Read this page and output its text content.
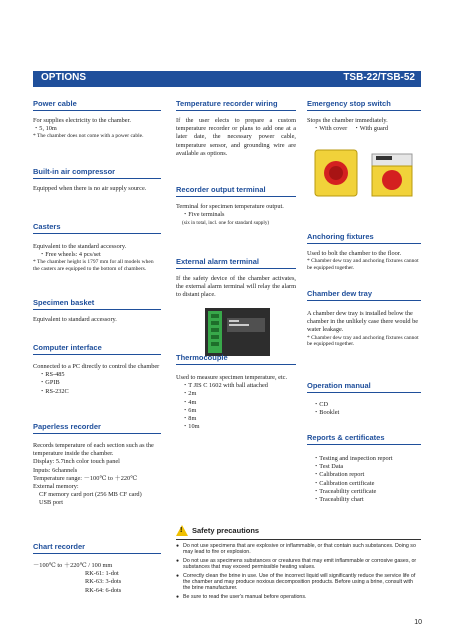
OPTIONS	TSB-22/TSB-52
Power cable
For supplies electricity to the chamber.
・5, 10m
* The chamber does not come with a power cable.
Built-in air compressor
Equipped when there is no air supply source.
Casters
Equivalent to the standard accessory.
・Free wheels: 4 pcs/set
* The chamber height is 1797 mm for all models when the casters are equipped to the bottom of chambers.
Specimen basket
Equivalent to standard accessory.
Computer interface
Connected to a PC directly to control the chamber
・RS-485
・GPIB
・RS-232C
Paperless recorder
Records temperature of each section such as the temperature inside the chamber.
Display: 5.7inch color touch panel
Inputs: 6channels
Temperature range: －100℃ to ＋220℃
External memory:
CF memory card port (256 MB CF card)
USB port
Chart recorder
－100℃ to ＋220℃ / 100 mm
RK-61: 1-dot
RK-63: 3-dots
RK-64: 6-dots
Temperature recorder wiring
If the user elects to prepare a custom temperature recorder or plans to add one at a later date, the necessary power cable, temperature sensor, and grounding wire are available as options.
Recorder output terminal
Terminal for specimen temperature output.
・Five terminals
(six in total, incl. one for standard supply)
External alarm terminal
If the safety device of the chamber activates, the external alarm terminal will relay the alarm to distant place.
Thermocouple
Used to measure specimen temperature, etc.
・T JIS C 1602 with ball attached
・2m
・4m
・6m
・8m
・10m
Emergency stop switch
Stops the chamber immediately.
・With cover　・With guard
Anchoring fixtures
Used to bolt the chamber to the floor.
* Chamber dew tray and anchoring fixtures cannot be equipped together.
Chamber dew tray
A chamber dew tray is installed below the chamber in the unlikely case there would be water leakage.
* Chamber dew tray and anchoring fixtures cannot be equipped together.
Operation manual
・CD
・Booklet
Reports & certificates
・Testing and inspection report
・Test Data
・Calibration report
・Calibration certificate
・Traceability certificate
・Traceability chart
! Safety precautions
● Do not use specimens that are explosive or inflammable, or that contain such substances. Doing so may lead to fire or explosion.
● Do not use as specimens substances or creatures that may emit inflammable or corrosive gases, or substances that may exceed permissible heating values.
● Correctly clean the brine in use. Use of the incorrect liquid will significantly reduce the service life of the chamber and may produce noxious decomposition products. Before using a brine, consult with the brine manufacturer.
● Be sure to read the user's manual before operations.
10
